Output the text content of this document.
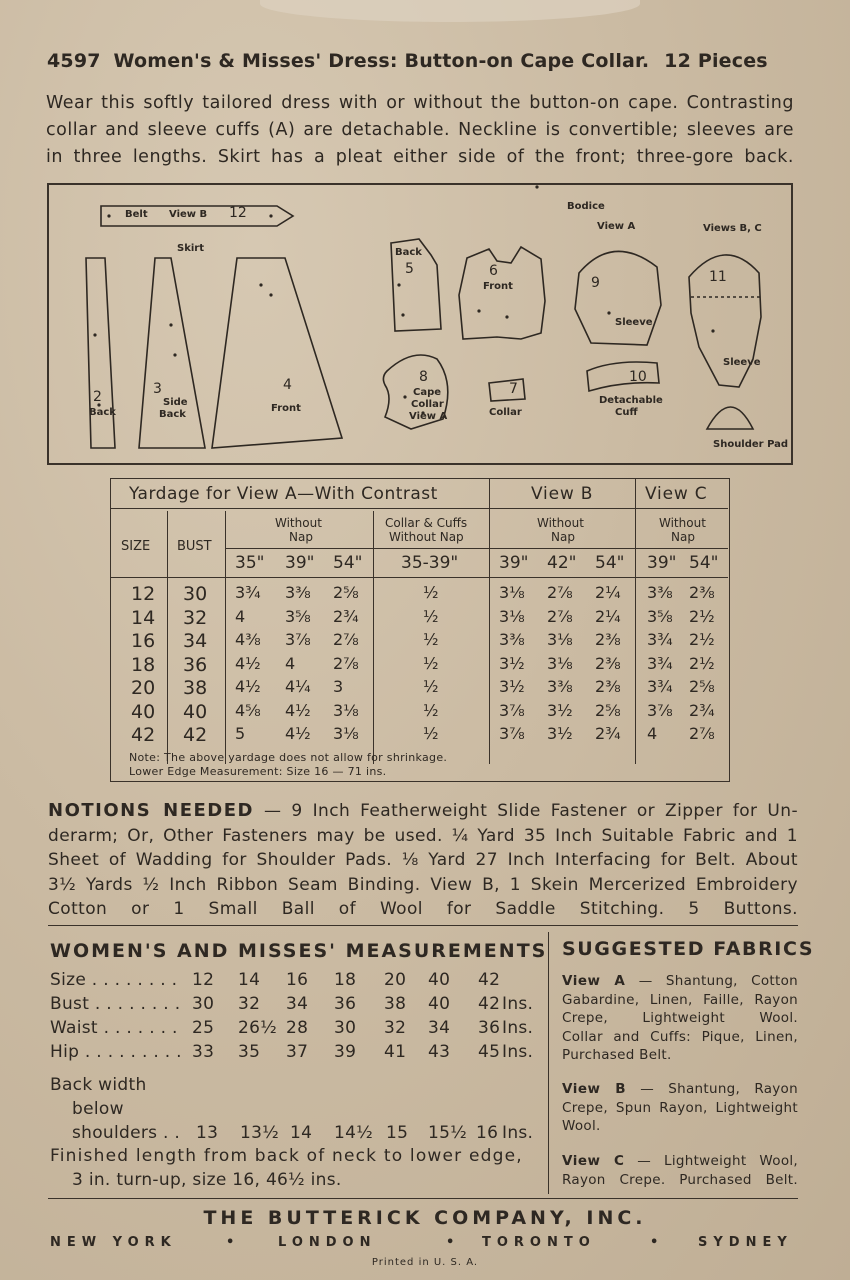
4597 Women's & Misses' Dress: Button-on Cape Collar. 12 Pieces
Wear this softly tailored dress with or without the button-on cape. Contrasting collar and sleeve cuffs (A) are detachable. Neckline is convertible; sleeves are in three lengths. Skirt has a pleat either side of the front; three-gore back.
Belt View B 12
Skirt
2
Back
3
Side
Back
4
Front
Bodice
Back
5	6
Front
View A
9
Sleeve
Views B, C
11
Sleeve
8
Cape
Collar
View A
7
Collar
10
Detachable
Cuff
Shoulder Pad
Yardage for View A—With Contrast	View B	View C
SIZE BUST
Without
Nap
Collar & Cuffs
Without Nap
Without
Nap
Without
Nap
35" 39" 54" 35-39" 39" 42" 54" 39" 54"
12 30 3¾ 3⅜ 2⅝	½	3⅛ 2⅞ 2¼ 3⅜ 2⅜
14 32 4 3⅝ 2¾	½	3⅛ 2⅞ 2¼ 3⅝ 2½
16 34 4⅜ 3⅞ 2⅞	½	3⅜ 3⅛ 2⅜ 3¾ 2½
18 36 4½ 4 2⅞	½	3½ 3⅛ 2⅜ 3¾ 2½
20 38 4½ 4¼ 3	½	3½ 3⅜ 2⅜ 3¾ 2⅝
40 40 4⅝ 4½ 3⅛	½	3⅞ 3½ 2⅝ 3⅞ 2¾
42 42 5 4½ 3⅛	½	3⅞ 3½ 2¾ 4 2⅞
Note: The above yardage does not allow for shrinkage.
Lower Edge Measurement: Size 16 — 71 ins.
NOTIONS NEEDED — 9 Inch Featherweight Slide Fastener or Zipper for Un-
derarm; Or, Other Fasteners may be used. ¼ Yard 35 Inch Suitable Fabric and 1
Sheet of Wadding for Shoulder Pads. ⅛ Yard 27 Inch Interfacing for Belt. About
3½ Yards ½ Inch Ribbon Seam Binding. View B, 1 Skein Mercerized Embroidery
Cotton or 1 Small Ball of Wool for Saddle Stitching. 5 Buttons.
WOMEN'S AND MISSES' MEASUREMENTS
Size . . . . . . . . 12 14 16 18 20 40 42
Bust . . . . . . . . 30 32 34 36 38 40 42 Ins.
Waist . . . . . . . 25 26½ 28 30 32 34 36 Ins.
Hip . . . . . . . . . 33 35 37 39 41 43 45 Ins.
Back width
below
shoulders . . 13 13½ 14 14½ 15 15½ 16 Ins.
Finished length from back of neck to lower edge,
3 in. turn-up, size 16, 46½ ins.
SUGGESTED FABRICS
View A — Shantung, Cotton
Gabardine, Linen, Faille, Rayon
Crepe, Lightweight Wool.
Collar and Cuffs: Pique, Linen,
Purchased Belt.
View B — Shantung, Rayon
Crepe, Spun Rayon, Lightweight
Wool.
View C — Lightweight Wool,
Rayon Crepe. Purchased Belt.
THE BUTTERICK COMPANY, INC.
NEW YORK	•	LONDON	• TORONTO	•	SYDNEY
Printed in U. S. A.
